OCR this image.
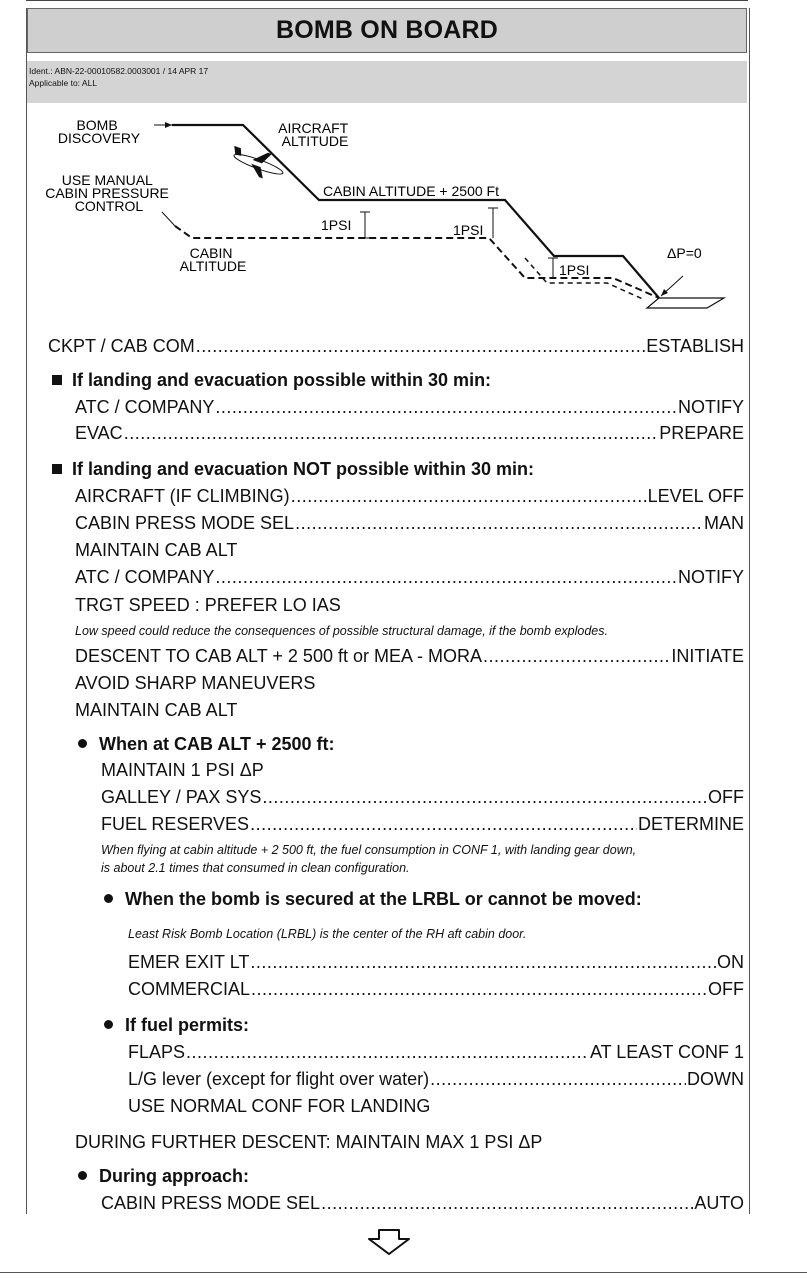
BOMB ON BOARD
Ident.: ABN-22-00010582.0003001 / 14 APR 17
Applicable to: ALL
BOMB DISCOVERY
AIRCRAFT ALTITUDE
USE MANUAL CABIN PRESSURE CONTROL
CABIN ALTITUDE + 2500 Ft
CABIN ALTITUDE
1PSI	1PSI
1PSI
ΔP=0
CKPT / CAB COM .....	ESTABLISH
If landing and evacuation possible within 30 min:
ATC / COMPANY .....	NOTIFY
EVAC .....	PREPARE
If landing and evacuation NOT possible within 30 min:
AIRCRAFT (IF CLIMBING) .....	LEVEL OFF
CABIN PRESS MODE SEL .....	MAN
MAINTAIN CAB ALT
ATC / COMPANY .....	NOTIFY
TRGT SPEED : PREFER LO IAS
Low speed could reduce the consequences of possible structural damage, if the bomb explodes.
DESCENT TO CAB ALT + 2 500 ft or MEA - MORA .....	INITIATE
AVOID SHARP MANEUVERS
MAINTAIN CAB ALT
When at CAB ALT + 2500 ft:
MAINTAIN 1 PSI ΔP
GALLEY / PAX SYS .....	OFF
FUEL RESERVES .....	DETERMINE
When flying at cabin altitude + 2 500 ft, the fuel consumption in CONF 1, with landing gear down,
is about 2.1 times that consumed in clean configuration.
When the bomb is secured at the LRBL or cannot be moved:
Least Risk Bomb Location (LRBL) is the center of the RH aft cabin door.
EMER EXIT LT .....	ON
COMMERCIAL .....	OFF
If fuel permits:
FLAPS .....	AT LEAST CONF 1
L/G lever (except for flight over water) .....	DOWN
USE NORMAL CONF FOR LANDING
DURING FURTHER DESCENT: MAINTAIN MAX 1 PSI ΔP
During approach:
CABIN PRESS MODE SEL .....	AUTO
